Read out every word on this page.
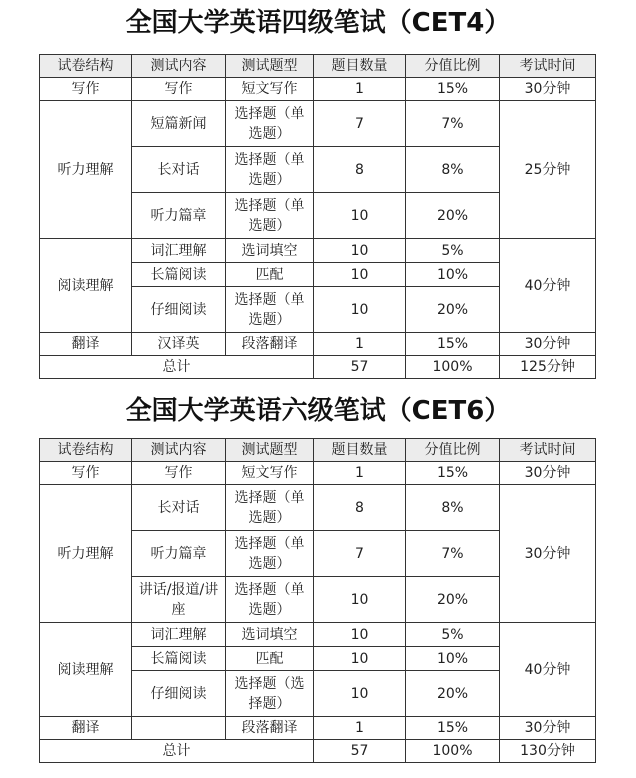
全国大学英语四级笔试（CET4）
试卷结构	测试内容	测试题型	题目数量	分值比例	考试时间
写作	写作	短文写作	1	15%	30分钟
听力理解	短篇新闻	选择题（单选题）	7	7%	25分钟
	长对话	选择题（单选题）	8	8%	
	听力篇章	选择题（单选题）	10	20%	
阅读理解	词汇理解	选词填空	10	5%	40分钟
	长篇阅读	匹配	10	10%	
	仔细阅读	选择题（单选题）	10	20%	
翻译	汉译英	段落翻译	1	15%	30分钟
总计			57	100%	125分钟
全国大学英语六级笔试（CET6）
试卷结构	测试内容	测试题型	题目数量	分值比例	考试时间
写作	写作	短文写作	1	15%	30分钟
听力理解	长对话	选择题（单选题）	8	8%	30分钟
	听力篇章	选择题（单选题）	7	7%	
	讲话/报道/讲座	选择题（单选题）	10	20%	
阅读理解	词汇理解	选词填空	10	5%	40分钟
	长篇阅读	匹配	10	10%	
	仔细阅读	选择题（选择题）	10	20%	
翻译		段落翻译	1	15%	30分钟
总计			57	100%	130分钟
